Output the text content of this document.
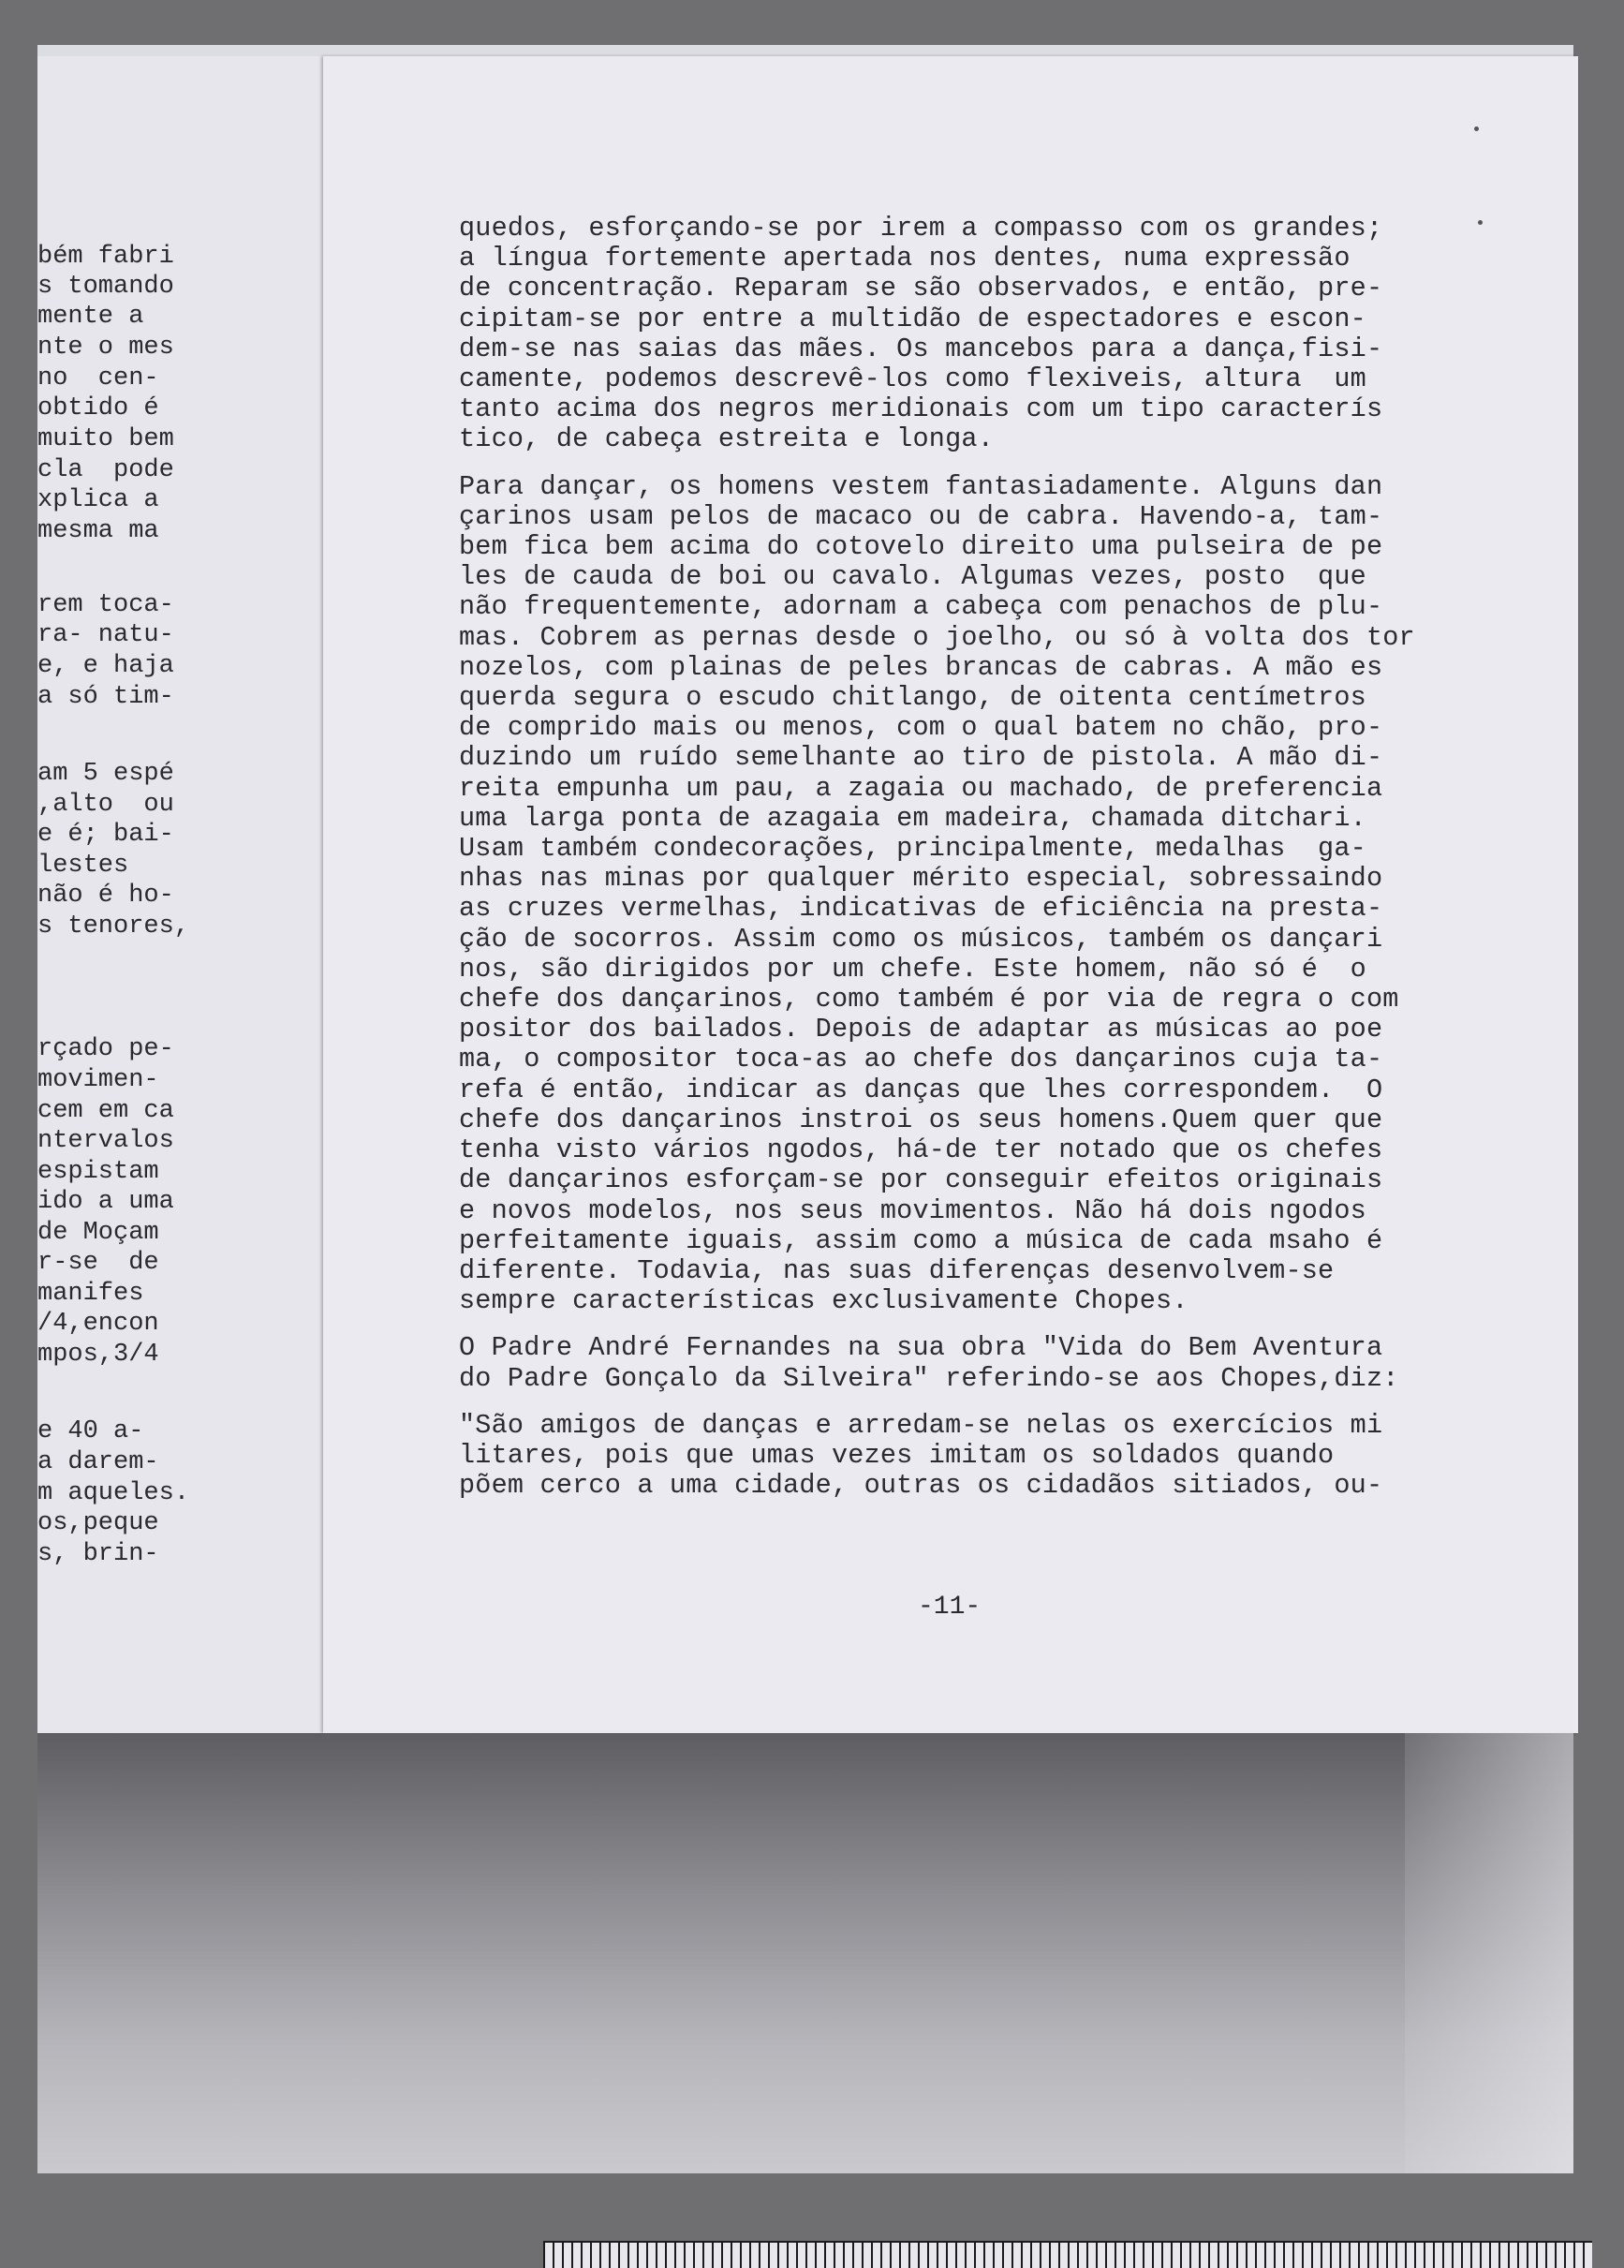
bém fabri
s tomando
mente a
nte o mes
no  cen-
obtido é
muito bem
cla  pode
xplica a
mesma ma
rem toca-
ra- natu-
e, e haja
a só tim-
am 5 espé
,alto  ou
e é; bai-
lestes
não é ho-
s tenores,
rçado pe-
movimen-
cem em ca
ntervalos
espistam
ido a uma
de Moçam
r-se  de
manifes
/4,encon
mpos,3/4
e 40 a-
a darem-
m aqueles.
os,peque
s, brin-
quedos, esforçando-se por irem a compasso com os grandes;
a língua fortemente apertada nos dentes, numa expressão
de concentração. Reparam se são observados, e então, pre-
cipitam-se por entre a multidão de espectadores e escon-
dem-se nas saias das mães. Os mancebos para a dança,fisi-
camente, podemos descrevê-los como flexiveis, altura  um
tanto acima dos negros meridionais com um tipo caracterís
tico, de cabeça estreita e longa.
Para dançar, os homens vestem fantasiadamente. Alguns dan
çarinos usam pelos de macaco ou de cabra. Havendo-a, tam-
bem fica bem acima do cotovelo direito uma pulseira de pe
les de cauda de boi ou cavalo. Algumas vezes, posto  que
não frequentemente, adornam a cabeça com penachos de plu-
mas. Cobrem as pernas desde o joelho, ou só à volta dos tor
nozelos, com plainas de peles brancas de cabras. A mão es
querda segura o escudo chitlango, de oitenta centímetros
de comprido mais ou menos, com o qual batem no chão, pro-
duzindo um ruído semelhante ao tiro de pistola. A mão di-
reita empunha um pau, a zagaia ou machado, de preferencia
uma larga ponta de azagaia em madeira, chamada ditchari.
Usam também condecorações, principalmente, medalhas  ga-
nhas nas minas por qualquer mérito especial, sobressaindo
as cruzes vermelhas, indicativas de eficiência na presta-
ção de socorros. Assim como os músicos, também os dançari
nos, são dirigidos por um chefe. Este homem, não só é  o
chefe dos dançarinos, como também é por via de regra o com
positor dos bailados. Depois de adaptar as músicas ao poe
ma, o compositor toca-as ao chefe dos dançarinos cuja ta-
refa é então, indicar as danças que lhes correspondem.  O
chefe dos dançarinos instroi os seus homens.Quem quer que
tenha visto vários ngodos, há-de ter notado que os chefes
de dançarinos esforçam-se por conseguir efeitos originais
e novos modelos, nos seus movimentos. Não há dois ngodos
perfeitamente iguais, assim como a música de cada msaho é
diferente. Todavia, nas suas diferenças desenvolvem-se
sempre características exclusivamente Chopes.
O Padre André Fernandes na sua obra "Vida do Bem Aventura
do Padre Gonçalo da Silveira" referindo-se aos Chopes,diz:
"São amigos de danças e arredam-se nelas os exercícios mi
litares, pois que umas vezes imitam os soldados quando
põem cerco a uma cidade, outras os cidadãos sitiados, ou-
-11-
